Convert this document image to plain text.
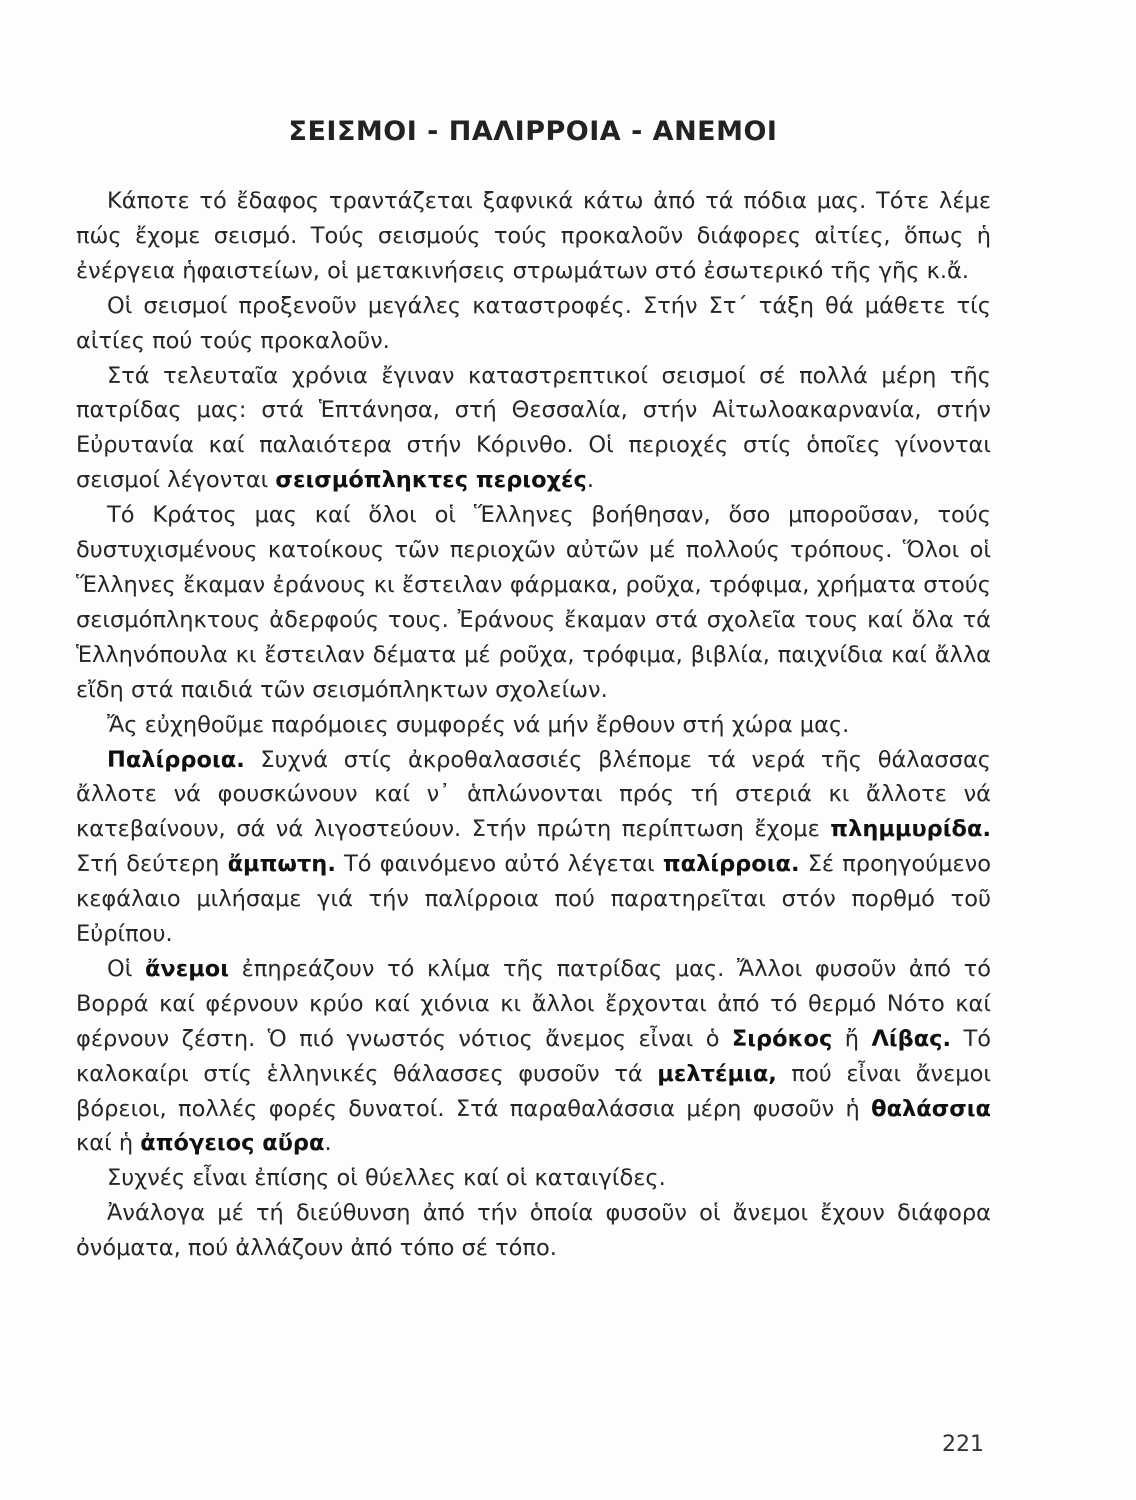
ΣΕΙΣΜΟΙ - ΠΑΛΙΡΡΟΙΑ - ΑΝΕΜΟΙ

Κάποτε τό ἔδαφος τραντάζεται ξαφνικά κάτω ἀπό τά πόδια μας. Τότε λέμε πώς ἔχομε σεισμό. Τούς σεισμούς τούς προκαλοῦν διάφορες αἰτίες, ὅπως ἡ ἐνέργεια ἡφαιστείων, οἱ μετακινήσεις στρωμάτων στό ἐσωτερικό τῆς γῆς κ.ἄ.

Οἱ σεισμοί προξενοῦν μεγάλες καταστροφές. Στήν Στ΄ τάξη θά μάθετε τίς αἰτίες πού τούς προκαλοῦν.

Στά τελευταῖα χρόνια ἔγιναν καταστρεπτικοί σεισμοί σέ πολλά μέρη τῆς πατρίδας μας: στά Ἑπτάνησα, στή Θεσσαλία, στήν Αἰτωλοακαρνανία, στήν Εὐρυτανία καί παλαιότερα στήν Κόρινθο. Οἱ περιοχές στίς ὁποῖες γίνονται σεισμοί λέγονται σεισμόπληκτες περιοχές.

Τό Κράτος μας καί ὅλοι οἱ Ἕλληνες βοήθησαν, ὅσο μποροῦσαν, τούς δυστυχισμένους κατοίκους τῶν περιοχῶν αὐτῶν μέ πολλούς τρόπους. Ὅλοι οἱ Ἕλληνες ἔκαμαν ἐράνους κι ἔστειλαν φάρμακα, ροῦχα, τρόφιμα, χρήματα στούς σεισμόπληκτους ἀδερφούς τους. Ἐράνους ἔκαμαν στά σχολεῖα τους καί ὅλα τά Ἑλληνόπουλα κι ἔστειλαν δέματα μέ ροῦχα, τρόφιμα, βιβλία, παιχνίδια καί ἄλλα εἴδη στά παιδιά τῶν σεισμόπληκτων σχολείων.

Ἄς εὐχηθοῦμε παρόμοιες συμφορές νά μήν ἔρθουν στή χώρα μας.

Παλίρροια. Συχνά στίς ἀκροθαλασσιές βλέπομε τά νερά τῆς θάλασσας ἄλλοτε νά φουσκώνουν καί ν᾽ ἁπλώνονται πρός τή στεριά κι ἄλλοτε νά κατεβαίνουν, σά νά λιγοστεύουν. Στήν πρώτη περίπτωση ἔχομε πλημμυρίδα. Στή δεύτερη ἄμπωτη. Τό φαινόμενο αὐτό λέγεται παλίρροια. Σέ προηγούμενο κεφάλαιο μιλήσαμε γιά τήν παλίρροια πού παρατηρεῖται στόν πορθμό τοῦ Εὐρίπου.

Οἱ ἄνεμοι ἐπηρεάζουν τό κλίμα τῆς πατρίδας μας. Ἄλλοι φυσοῦν ἀπό τό Βορρά καί φέρνουν κρύο καί χιόνια κι ἄλλοι ἔρχονται ἀπό τό θερμό Νότο καί φέρνουν ζέστη. Ὁ πιό γνωστός νότιος ἄνεμος εἶναι ὁ Σιρόκος ἤ Λίβας. Τό καλοκαίρι στίς ἑλληνικές θάλασσες φυσοῦν τά μελτέμια, πού εἶναι ἄνεμοι βόρειοι, πολλές φορές δυνατοί. Στά παραθαλάσσια μέρη φυσοῦν ἡ θαλάσσια καί ἡ ἀπόγειος αὔρα.

Συχνές εἶναι ἐπίσης οἱ θύελλες καί οἱ καταιγίδες.

Ἀνάλογα μέ τή διεύθυνση ἀπό τήν ὁποία φυσοῦν οἱ ἄνεμοι ἔχουν διάφορα ὀνόματα, πού ἀλλάζουν ἀπό τόπο σέ τόπο.

221
